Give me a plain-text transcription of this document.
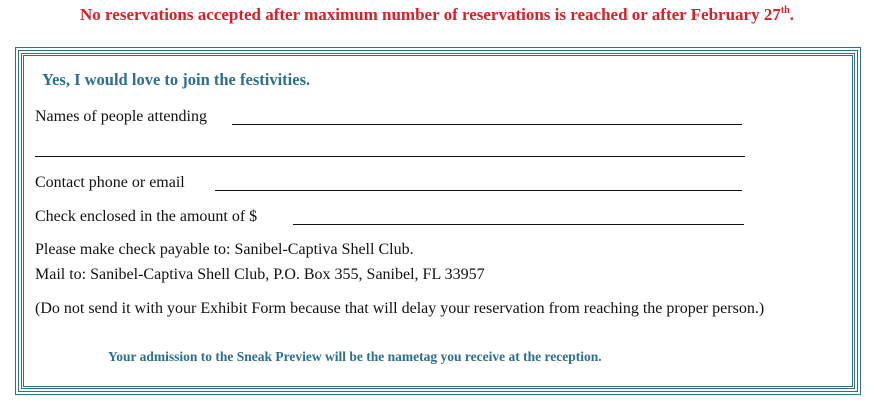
No reservations accepted after maximum number of reservations is reached or after February 27th.
Yes, I would love to join the festivities.
Names of people attending
Contact phone or email
Check enclosed in the amount of $
Please make check payable to: Sanibel-Captiva Shell Club.
Mail to: Sanibel-Captiva Shell Club, P.O. Box 355, Sanibel, FL 33957
(Do not send it with your Exhibit Form because that will delay your reservation from reaching the proper person.)
Your admission to the Sneak Preview will be the nametag you receive at the reception.
